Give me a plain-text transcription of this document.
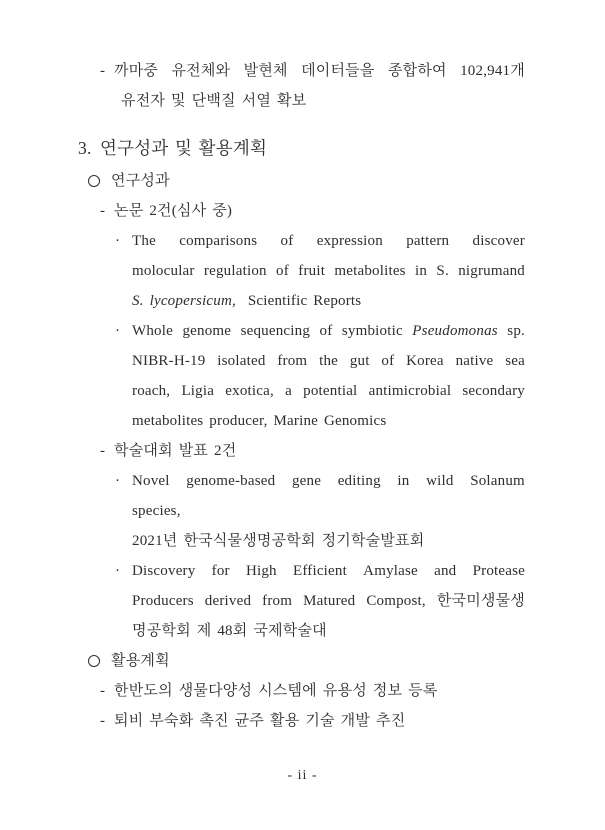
- 까마중 유전체와 발현체 데이터들을 종합하여 102,941개
유전자 및 단백질 서열 확보
3. 연구성과 및 활용계획
연구성과
- 논문 2건(심사 중)
· The comparisons of expression pattern discover
molocular regulation of fruit metabolites in S. nigrumand
S. lycopersicum,  Scientific Reports
· Whole genome sequencing of symbiotic Pseudomonas sp.
NIBR-H-19 isolated from the gut of Korea native sea
roach, Ligia exotica, a potential antimicrobial secondary
metabolites producer, Marine Genomics
- 학술대회 발표 2건
· Novel genome-based gene editing in wild Solanum
species,
2021년 한국식물생명공학회 정기학술발표회
· Discovery for High Efficient Amylase and Protease
Producers derived from Matured Compost, 한국미생물생
명공학회 제 48회 국제학술대
활용계획
- 한반도의 생물다양성 시스템에 유용성 정보 등록
- 퇴비 부숙화 촉진 균주 활용 기술 개발 추진
- ii -
